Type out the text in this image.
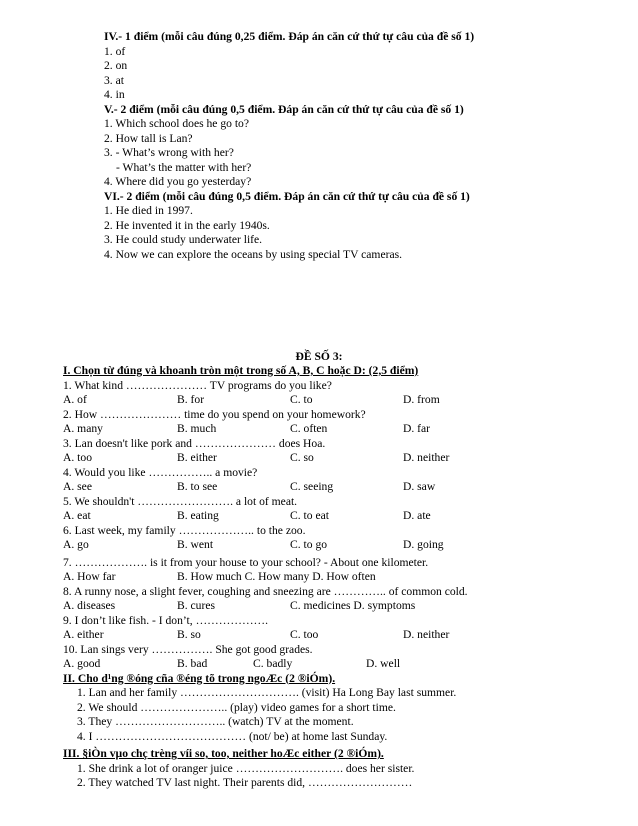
IV.- 1 điểm (mỗi câu đúng 0,25 điểm. Đáp án căn cứ thứ tự câu của đề số 1)
1. of
2. on
3. at
4. in
V.- 2 điểm (mỗi câu đúng 0,5 điểm. Đáp án căn cứ thứ tự câu của đề số 1)
1. Which school does he go to?
2. How tall is Lan?
3. - What’s wrong with her?
- What’s the matter with her?
4. Where did you go yesterday?
VI.- 2 điểm (mỗi câu đúng 0,5 điểm. Đáp án căn cứ thứ tự câu của đề số 1)
1. He died in 1997.
2. He invented it in the early 1940s.
3. He could study underwater life.
4. Now we can explore the oceans by using special TV cameras.
ĐỀ SỐ 3:
I. Chọn từ đúng và khoanh tròn một trong số A, B, C hoặc D: (2,5 điểm)
1. What kind ………………… TV programs do you like?
A. of	B. for	C. to	D. from
2. How ………………… time do you spend on your homework?
A. many	B. much	C. often	D. far
3. Lan doesn't like pork and ………………… does Hoa.
A. too	B. either	C. so	D. neither
4. Would you like …………….. a movie?
A. see	B. to see	C. seeing	D. saw
5. We shouldn't ……………………. a lot of meat.
A. eat	B. eating	C. to eat	D. ate
6. Last week, my family ……………….. to the zoo.
A. go	B. went	C. to go	D. going
7. ………………. is it from your house to your school? - About one kilometer.
A. How far	B. How much C. How many D. How often
8. A runny nose, a slight fever, coughing and sneezing are ………….. of common cold.
A. diseases	B. cures	C. medicines D. symptoms
9. I don’t like fish. - I don’t, ……………….
A. either	B. so	C. too	D. neither
10. Lan sings very ……………. She got good grades.
A. good	B. bad	C. badly	D. well
II. Cho d¹ng ®óng cña ®éng tõ trong ngoÆc (2 ®iÓm).
1. Lan and her family …………………………. (visit) Ha Long Bay last summer.
2. We should ………………….. (play) video games for a short time.
3. They ……………………….. (watch) TV at the moment.
4. I ………………………………… (not/ be) at home last Sunday.
III. §iÒn vµo chç trèng víi so, too, neither hoÆc either (2 ®iÓm).
1. She drink a lot of oranger juice ………………………. does her sister.
2. They watched TV last night. Their parents did, ………………………
